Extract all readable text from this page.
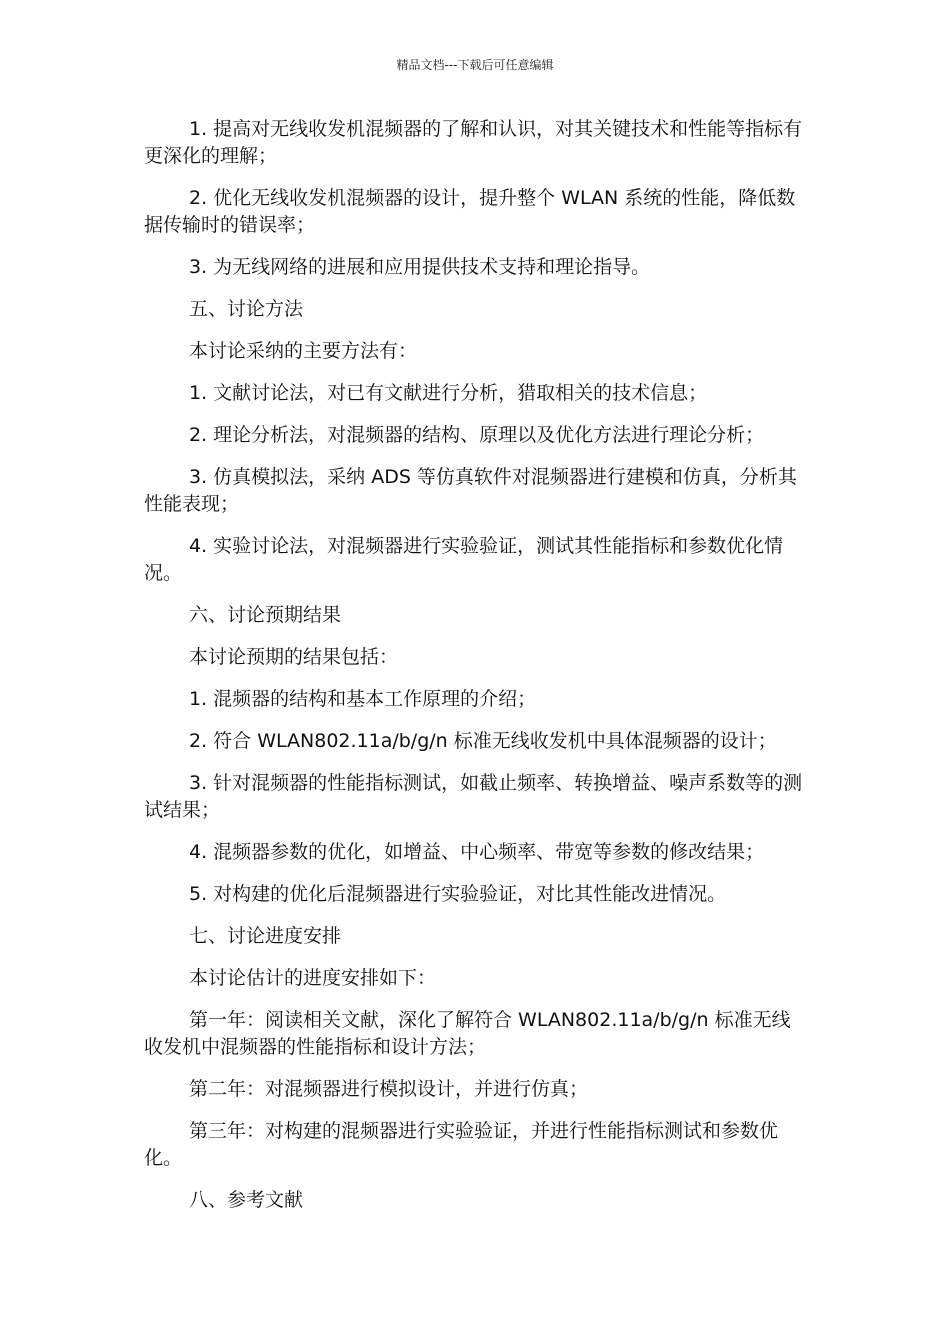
精品文档---下载后可任意编辑

1. 提高对无线收发机混频器的了解和认识，对其关键技术和性能等指标有更深化的理解；

2. 优化无线收发机混频器的设计，提升整个 WLAN 系统的性能，降低数据传输时的错误率；

3. 为无线网络的进展和应用提供技术支持和理论指导。

五、讨论方法

本讨论采纳的主要方法有：

1. 文献讨论法，对已有文献进行分析，猎取相关的技术信息；

2. 理论分析法，对混频器的结构、原理以及优化方法进行理论分析；

3. 仿真模拟法，采纳 ADS 等仿真软件对混频器进行建模和仿真，分析其性能表现；

4. 实验讨论法，对混频器进行实验验证，测试其性能指标和参数优化情况。

六、讨论预期结果

本讨论预期的结果包括：

1. 混频器的结构和基本工作原理的介绍；

2. 符合 WLAN802.11a/b/g/n 标准无线收发机中具体混频器的设计；

3. 针对混频器的性能指标测试，如截止频率、转换增益、噪声系数等的测试结果；

4. 混频器参数的优化，如增益、中心频率、带宽等参数的修改结果；

5. 对构建的优化后混频器进行实验验证，对比其性能改进情况。

七、讨论进度安排

本讨论估计的进度安排如下：

第一年：阅读相关文献，深化了解符合 WLAN802.11a/b/g/n 标准无线收发机中混频器的性能指标和设计方法；

第二年：对混频器进行模拟设计，并进行仿真；

第三年：对构建的混频器进行实验验证，并进行性能指标测试和参数优化。

八、参考文献
